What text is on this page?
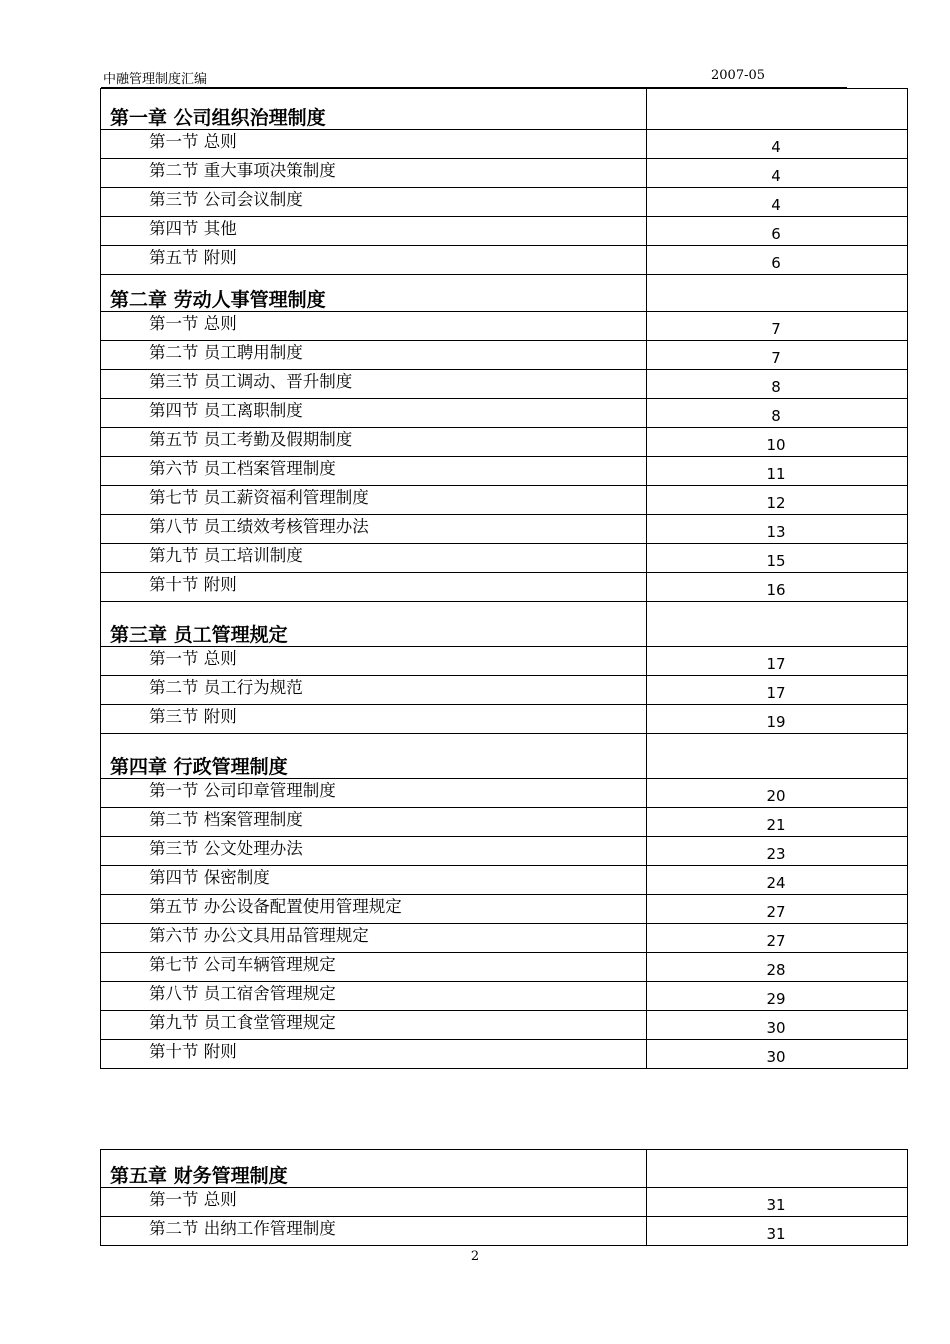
中融管理制度汇编	2007-05
第一章 公司组织治理制度	
第一节 总则	4
第二节 重大事项决策制度	4
第三节 公司会议制度	4
第四节 其他	6
第五节 附则	6
第二章 劳动人事管理制度	
第一节 总则	7
第二节 员工聘用制度	7
第三节 员工调动、晋升制度	8
第四节 员工离职制度	8
第五节 员工考勤及假期制度	10
第六节 员工档案管理制度	11
第七节 员工薪资福利管理制度	12
第八节 员工绩效考核管理办法	13
第九节 员工培训制度	15
第十节 附则	16
第三章 员工管理规定	
第一节 总则	17
第二节 员工行为规范	17
第三节 附则	19
第四章 行政管理制度	
第一节 公司印章管理制度	20
第二节 档案管理制度	21
第三节 公文处理办法	23
第四节 保密制度	24
第五节 办公设备配置使用管理规定	27
第六节 办公文具用品管理规定	27
第七节 公司车辆管理规定	28
第八节 员工宿舍管理规定	29
第九节 员工食堂管理规定	30
第十节 附则	30
第五章 财务管理制度	
第一节 总则	31
第二节 出纳工作管理制度	31
2
